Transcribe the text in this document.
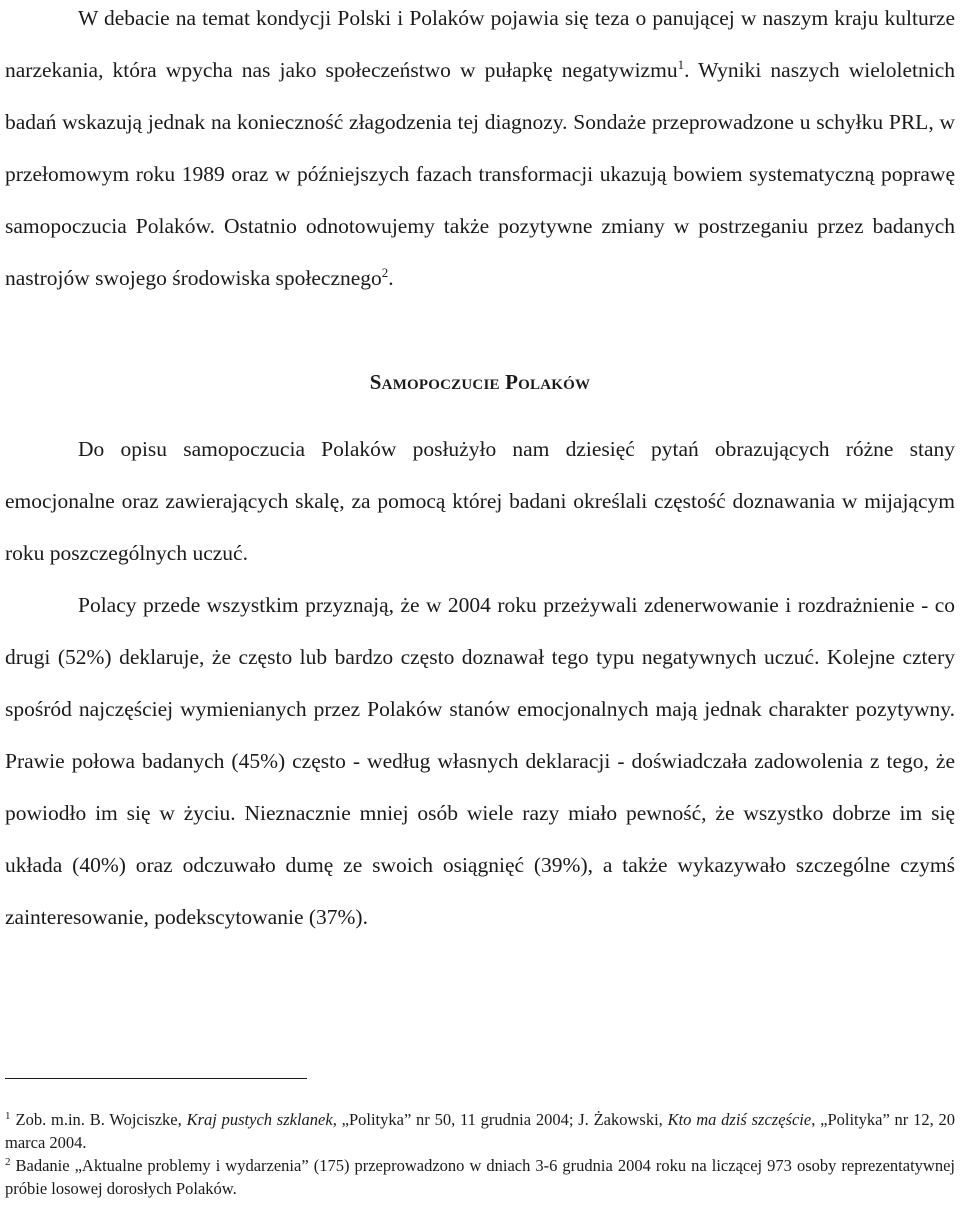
W debacie na temat kondycji Polski i Polaków pojawia się teza o panującej w naszym kraju kulturze narzekania, która wpycha nas jako społeczeństwo w pułapkę negatywizmu$^1$. Wyniki naszych wieloletnich badań wskazują jednak na konieczność złagodzenia tej diagnozy. Sondaże przeprowadzone u schyłku PRL, w przełomowym roku 1989 oraz w późniejszych fazach transformacji ukazują bowiem systematyczną poprawę samopoczucia Polaków. Ostatnio odnotowujemy także pozytywne zmiany w postrzeganiu przez badanych nastrojów swojego środowiska społecznego$^2$.

Samopoczucie Polaków

Do opisu samopoczucia Polaków posłużyło nam dziesięć pytań obrazujących różne stany emocjonalne oraz zawierających skalę, za pomocą której badani określali częstość doznawania w mijającym roku poszczególnych uczuć.

Polacy przede wszystkim przyznają, że w 2004 roku przeżywali zdenerwowanie i rozdrażnienie - co drugi (52%) deklaruje, że często lub bardzo często doznawał tego typu negatywnych uczuć. Kolejne cztery spośród najczęściej wymienianych przez Polaków stanów emocjonalnych mają jednak charakter pozytywny. Prawie połowa badanych (45%) często - według własnych deklaracji - doświadczała zadowolenia z tego, że powiodło im się w życiu. Nieznacznie mniej osób wiele razy miało pewność, że wszystko dobrze im się układa (40%) oraz odczuwało dumę ze swoich osiągnięć (39%), a także wykazywało szczególne czymś zainteresowanie, podekscytowanie (37%).

$^1$ Zob. m.in. B. Wojciszke, Kraj pustych szklanek, „Polityka” nr 50, 11 grudnia 2004; J. Żakowski, Kto ma dziś szczęście, „Polityka” nr 12, 20 marca 2004.

$^2$ Badanie „Aktualne problemy i wydarzenia” (175) przeprowadzono w dniach 3-6 grudnia 2004 roku na liczącej 973 osoby reprezentatywnej próbie losowej dorosłych Polaków.
